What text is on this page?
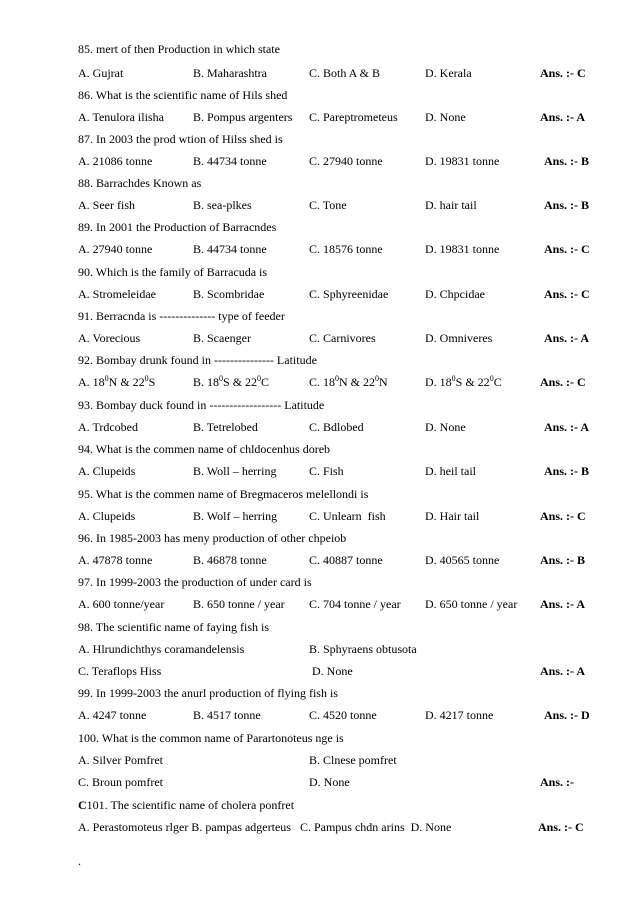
85. mert of then Production in which state
A. Gujrat	B. Maharashtra	C. Both A & B	D. Kerala	Ans. :- C
86. What is the scientific name of Hils shed
A. Tenulora ilisha B. Pompus argenters C. Pareptrometeus D. None	Ans. :- A
87. In 2003 the prod wtion of Hilss shed is
A. 21086 tonne	B. 44734 tonne	C. 27940 tonne	D. 19831 tonne	Ans. :- B
88. Barrachdes Known as
A. Seer fish	B. sea-plkes	C. Tone	D. hair tail	Ans. :- B
89. In 2001 the Production of Barracndes
A. 27940 tonne	B. 44734 tonne	C. 18576 tonne	D. 19831 tonne	Ans. :- C
90. Which is the family of Barracuda is
A. Stromeleidae	B. Scombridae	C. Sphyreenidae	D. Chpcidae	Ans. :- C
91. Berracnda is -------------- type of feeder
A. Vorecious	B. Scaenger	C. Carnivores	D. Omniveres	Ans. :- A
92. Bombay drunk found in --------------- Latitude
A. $18^0N$ & $22^0S$	B. $18^0S$ & $22^0C$	C. $18^0N$ & $22^0N$	D. $18^0S$ & $22^0C$	Ans. :- C
93. Bombay duck found in ------------------ Latitude
A. Trdcobed	B. Tetrelobed	C. Bdlobed	D. None	Ans. :- A
94. What is the commen name of chldocenhus doreb
A. Clupeids	B. Woll – herring	C. Fish	D. heil tail	Ans. :- B
95. What is the commen name of Bregmaceros melellondi is
A. Clupeids	B. Wolf – herring	C. Unlearn  fish	D. Hair tail	Ans. :- C
96. In 1985-2003 has meny production of other chpeiob
A. 47878 tonne	B. 46878 tonne	C. 40887 tonne	D. 40565 tonne	Ans. :- B
97. In 1999-2003 the production of under card is
A. 600 tonne/year B. 650 tonne / year C. 704 tonne / year D. 650 tonne / year Ans. :- A
98. The scientific name of faying fish is
A. Hlrundichthys coramandelensis	B. Sphyraens obtusota
C. Teraflops Hiss	D. None	Ans. :- A
99. In 1999-2003 the anurl production of flying fish is
A. 4247 tonne	B. 4517 tonne	C. 4520 tonne	D. 4217 tonne	Ans. :- D
100. What is the common name of Parartonoteus nge is
A. Silver Pomfret	B. Clnese pomfret
C. Broun pomfret	D. None	Ans. :-
C101. The scientific name of cholera ponfret
A. Perastomoteus rlger B. pampas adgerteus   C. Pampus chdn arins  D. None	Ans. :- C
.
